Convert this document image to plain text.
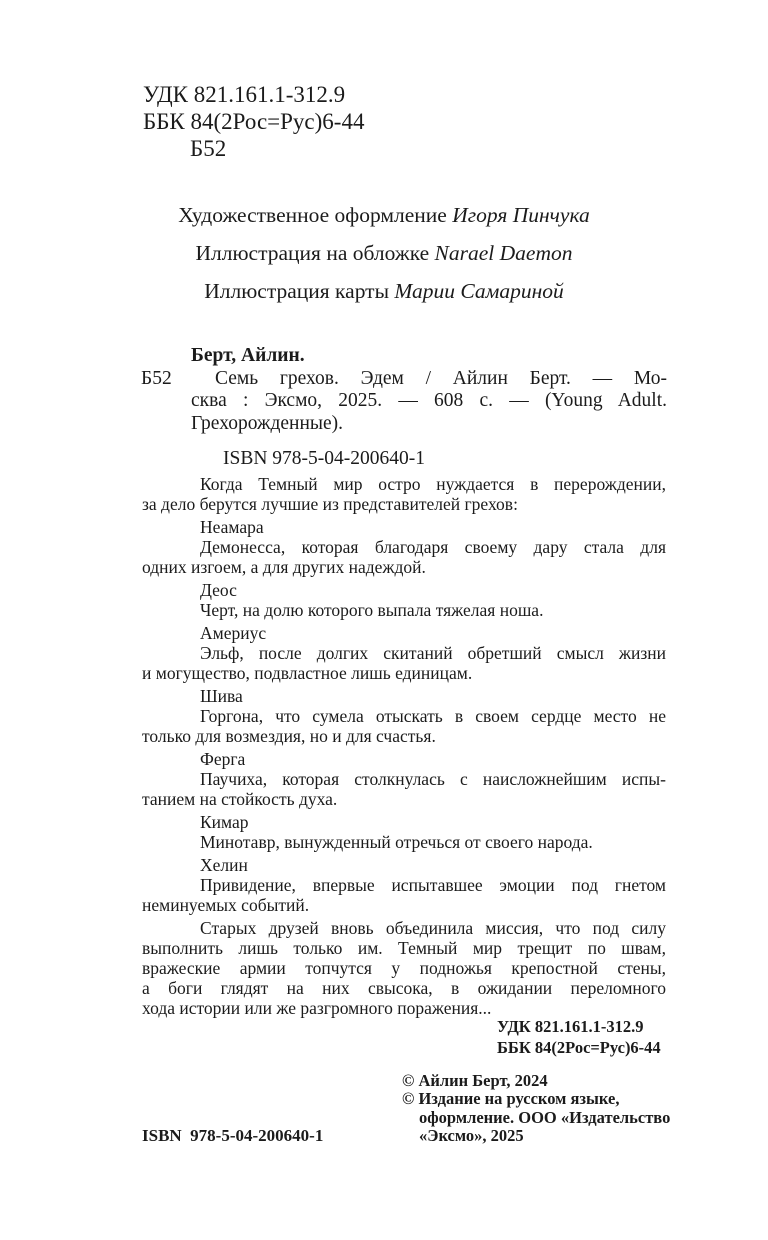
УДК 821.161.1-312.9
ББК 84(2Рос=Рус)6-44
Б52
Художественное оформление Игоря Пинчука
Иллюстрация на обложке Narael Daemon
Иллюстрация карты Марии Самариной
Б52
Берт, Айлин.
Семь грехов. Эдем / Айлин Берт. — Мо-
сква : Эксмо, 2025. — 608 с. — (Young Adult.
Грехорожденные).
ISBN 978-5-04-200640-1
Когда Темный мир остро нуждается в перерождении,
за дело берутся лучшие из представителей грехов:
Неамара
Демонесса, которая благодаря своему дару стала для
одних изгоем, а для других надеждой.
Деос
Черт, на долю которого выпала тяжелая ноша.
Америус
Эльф, после долгих скитаний обретший смысл жизни
и могущество, подвластное лишь единицам.
Шива
Горгона, что сумела отыскать в своем сердце место не
только для возмездия, но и для счастья.
Ферга
Паучиха, которая столкнулась с наисложнейшим испы-
танием на стойкость духа.
Кимар
Минотавр, вынужденный отречься от своего народа.
Хелин
Привидение, впервые испытавшее эмоции под гнетом
неминуемых событий.
Старых друзей вновь объединила миссия, что под силу
выполнить лишь только им. Темный мир трещит по швам,
вражеские армии топчутся у подножья крепостной стены,
а боги глядят на них свысока, в ожидании переломного
хода истории или же разгромного поражения...
УДК 821.161.1-312.9
ББК 84(2Рос=Рус)6-44
ISBN  978-5-04-200640-1
© Айлин Берт, 2024
© Издание на русском языке,
оформление. ООО «Издательство
«Эксмо», 2025
